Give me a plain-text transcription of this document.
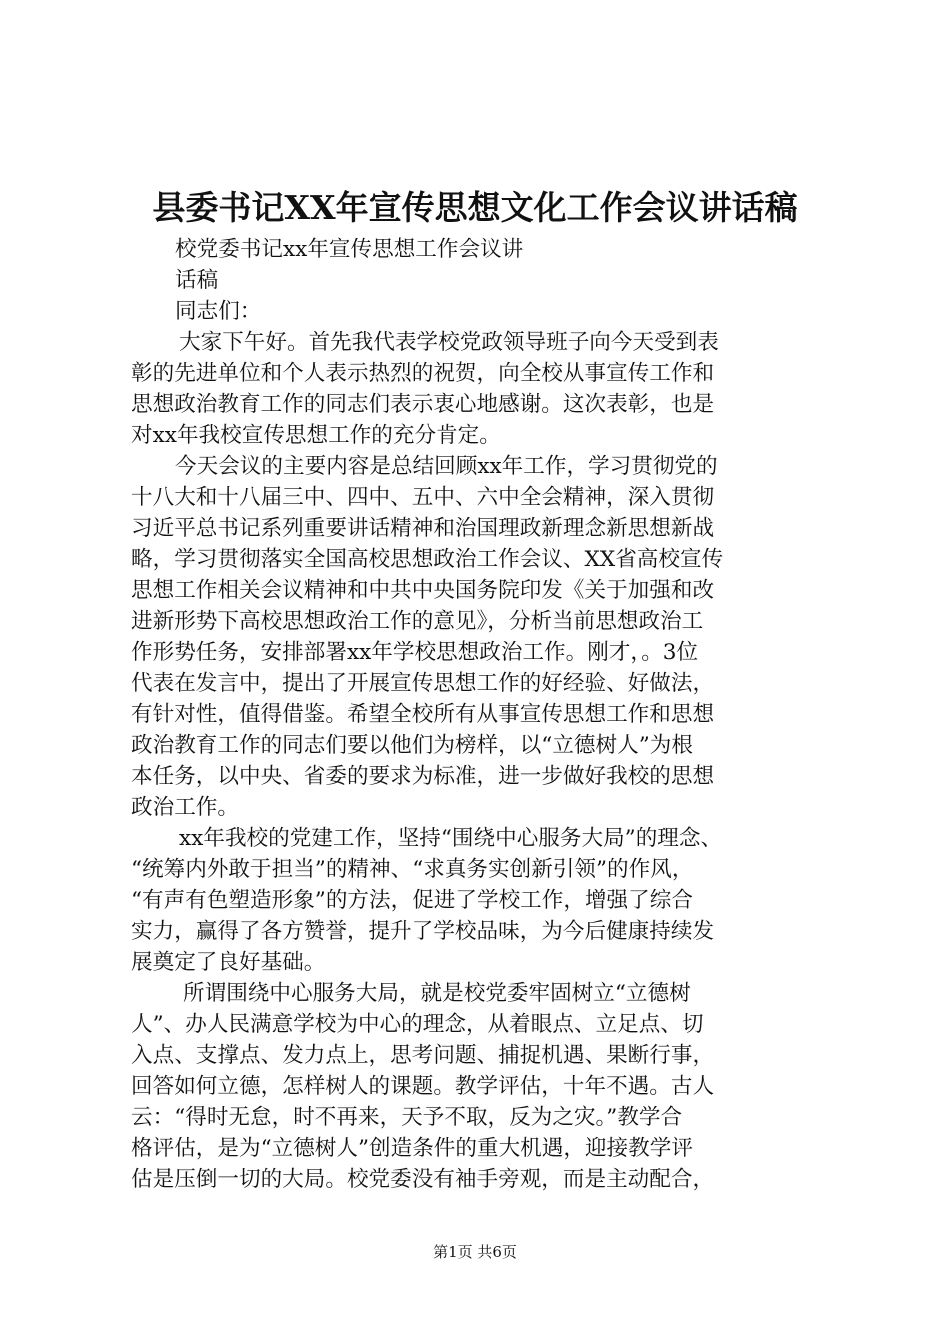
县委书记XX年宣传思想文化工作会议讲话稿
校党委书记xx年宣传思想工作会议讲
话稿
同志们：
大家下午好。首先我代表学校党政领导班子向今天受到表
彰的先进单位和个人表示热烈的祝贺，向全校从事宣传工作和
思想政治教育工作的同志们表示衷心地感谢。这次表彰，也是
对xx年我校宣传思想工作的充分肯定。
今天会议的主要内容是总结回顾xx年工作，学习贯彻党的
十八大和十八届三中、四中、五中、六中全会精神，深入贯彻
习近平总书记系列重要讲话精神和治国理政新理念新思想新战
略，学习贯彻落实全国高校思想政治工作会议、XX省高校宣传
思想工作相关会议精神和中共中央国务院印发《关于加强和改
进新形势下高校思想政治工作的意见》，分析当前思想政治工
作形势任务，安排部署xx年学校思想政治工作。刚才，。3位
代表在发言中，提出了开展宣传思想工作的好经验、好做法，
有针对性，值得借鉴。希望全校所有从事宣传思想工作和思想
政治教育工作的同志们要以他们为榜样，以“立德树人”为根
本任务，以中央、省委的要求为标准，进一步做好我校的思想
政治工作。
xx年我校的党建工作，坚持“围绕中心服务大局”的理念、
“统筹内外敢于担当”的精神、“求真务实创新引领”的作风，
“有声有色塑造形象”的方法，促进了学校工作，增强了综合
实力，赢得了各方赞誉，提升了学校品味，为今后健康持续发
展奠定了良好基础。
所谓围绕中心服务大局，就是校党委牢固树立“立德树
人”、办人民满意学校为中心的理念，从着眼点、立足点、切
入点、支撑点、发力点上，思考问题、捕捉机遇、果断行事，
回答如何立德，怎样树人的课题。教学评估，十年不遇。古人
云：“得时无怠，时不再来，天予不取，反为之灾。”教学合
格评估，是为“立德树人”创造条件的重大机遇，迎接教学评
估是压倒一切的大局。校党委没有袖手旁观，而是主动配合，
第1页 共6页
